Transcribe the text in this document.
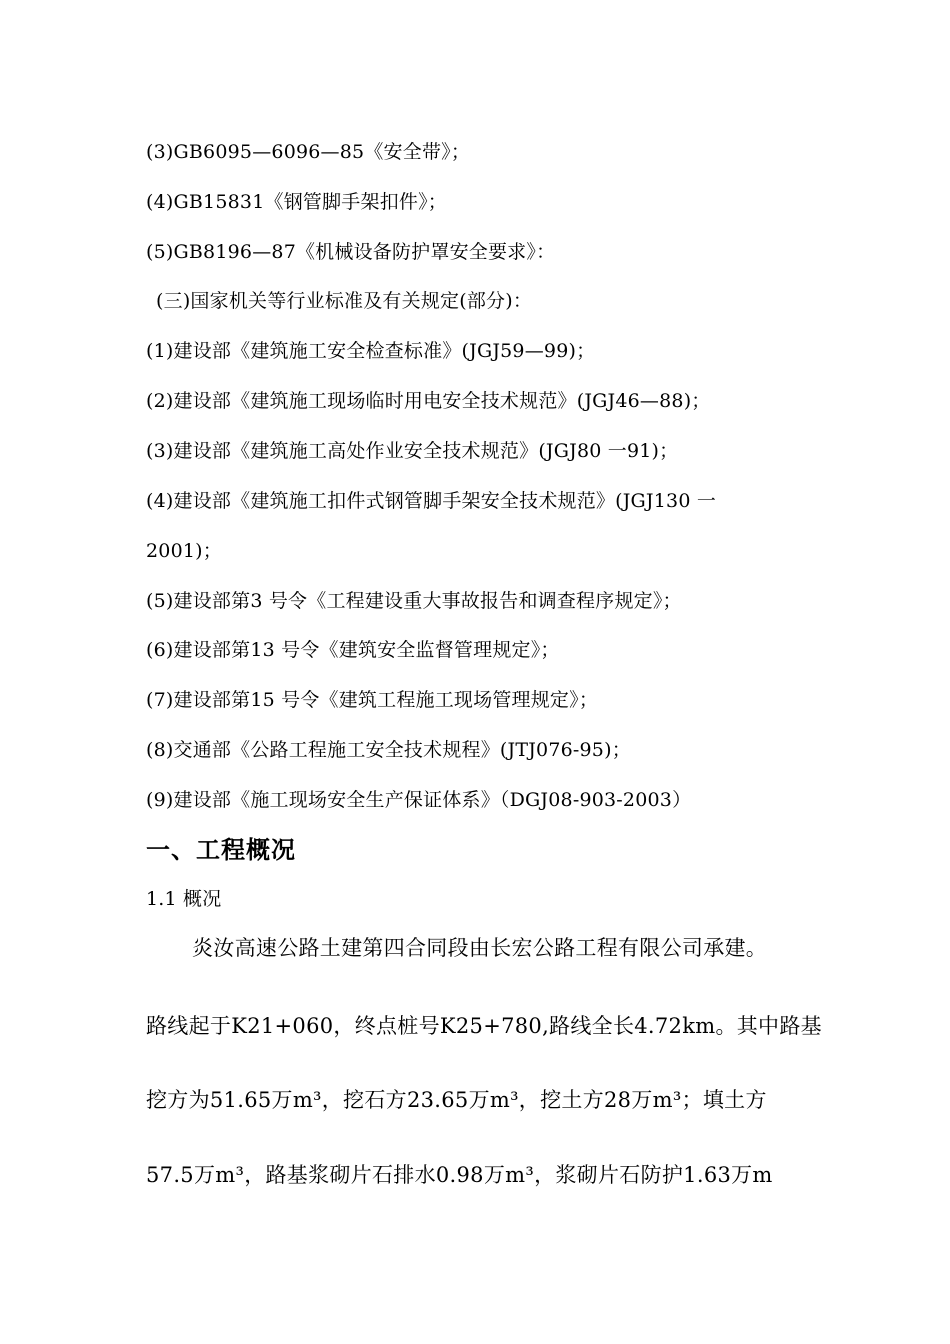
(3)GB6095—6096—85《安全带》；
(4)GB15831《钢管脚手架扣件》；
(5)GB8196—87《机械设备防护罩安全要求》：
(三)国家机关等行业标准及有关规定(部分)：
(1)建设部《建筑施工安全检查标准》(JGJ59—99)；
(2)建设部《建筑施工现场临时用电安全技术规范》(JGJ46—88)；
(3)建设部《建筑施工高处作业安全技术规范》(JGJ80 一91)；
(4)建设部《建筑施工扣件式钢管脚手架安全技术规范》(JGJ130 一
2001)；
(5)建设部第3 号令《工程建设重大事故报告和调查程序规定》；
(6)建设部第13 号令《建筑安全监督管理规定》；
(7)建设部第15 号令《建筑工程施工现场管理规定》；
(8)交通部《公路工程施工安全技术规程》(JTJ076-95)；
(9)建设部《施工现场安全生产保证体系》（DGJ08-903-2003）
一、工程概况
1.1 概况
炎汝高速公路土建第四合同段由长宏公路工程有限公司承建。
路线起于K21+060，终点桩号K25+780,路线全长4.72km。其中路基
挖方为51.65万m³，挖石方23.65万m³，挖土方28万m³；填土方
57.5万m³，路基浆砌片石排水0.98万m³，浆砌片石防护1.63万m
